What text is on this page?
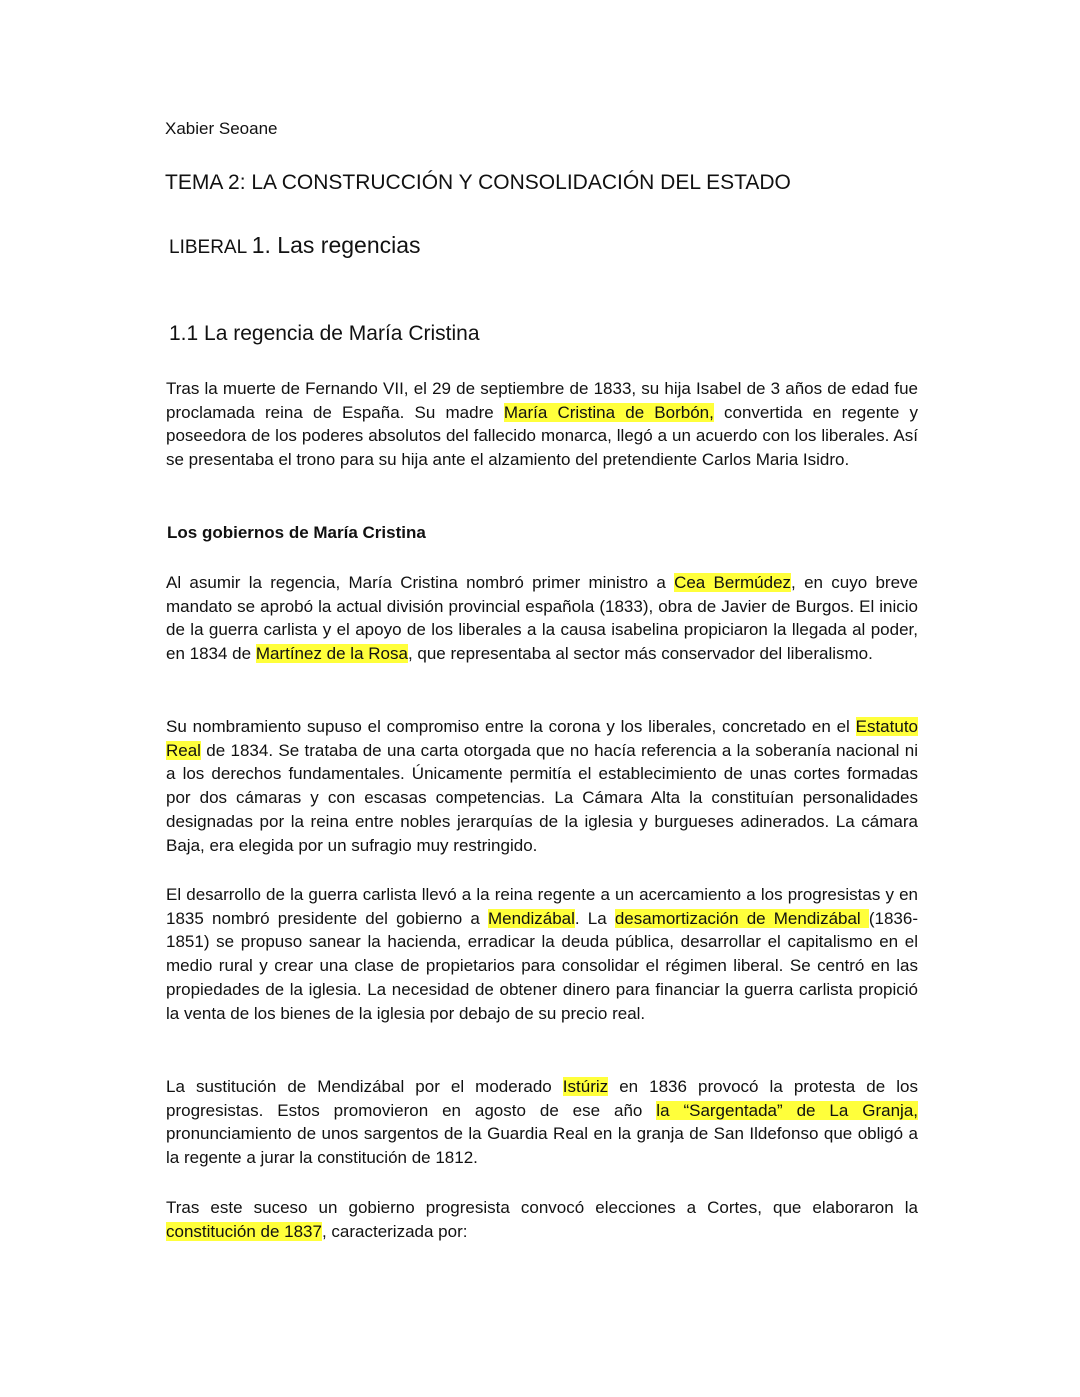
Xabier Seoane
TEMA 2: LA CONSTRUCCIÓN Y CONSOLIDACIÓN DEL ESTADO
LIBERAL 1. Las regencias
1.1 La regencia de María Cristina

Tras la muerte de Fernando VII, el 29 de septiembre de 1833, su hija Isabel de 3 años de edad fue proclamada reina de España. Su madre María Cristina de Borbón, convertida en regente y poseedora de los poderes absolutos del fallecido monarca, llegó a un acuerdo con los liberales. Así se presentaba el trono para su hija ante el alzamiento del pretendiente Carlos Maria Isidro.

Los gobiernos de María Cristina

Al asumir la regencia, María Cristina nombró primer ministro a Cea Bermúdez, en cuyo breve mandato se aprobó la actual división provincial española (1833), obra de Javier de Burgos. El inicio de la guerra carlista y el apoyo de los liberales a la causa isabelina propiciaron la llegada al poder, en 1834 de Martínez de la Rosa, que representaba al sector más conservador del liberalismo.

Su nombramiento supuso el compromiso entre la corona y los liberales, concretado en el Estatuto Real de 1834. Se trataba de una carta otorgada que no hacía referencia a la soberanía nacional ni a los derechos fundamentales. Únicamente permitía el establecimiento de unas cortes formadas por dos cámaras y con escasas competencias. La Cámara Alta la constituían personalidades designadas por la reina entre nobles jerarquías de la iglesia y burgueses adinerados. La cámara Baja, era elegida por un sufragio muy restringido.

El desarrollo de la guerra carlista llevó a la reina regente a un acercamiento a los progresistas y en 1835 nombró presidente del gobierno a Mendizábal. La desamortización de Mendizábal (1836-1851) se propuso sanear la hacienda, erradicar la deuda pública, desarrollar el capitalismo en el medio rural y crear una clase de propietarios para consolidar el régimen liberal. Se centró en las propiedades de la iglesia. La necesidad de obtener dinero para financiar la guerra carlista propició la venta de los bienes de la iglesia por debajo de su precio real.

La sustitución de Mendizábal por el moderado Istúriz en 1836 provocó la protesta de los progresistas. Estos promovieron en agosto de ese año la “Sargentada” de La Granja, pronunciamiento de unos sargentos de la Guardia Real en la granja de San Ildefonso que obligó a la regente a jurar la constitución de 1812.

Tras este suceso un gobierno progresista convocó elecciones a Cortes, que elaboraron la constitución de 1837, caracterizada por:
